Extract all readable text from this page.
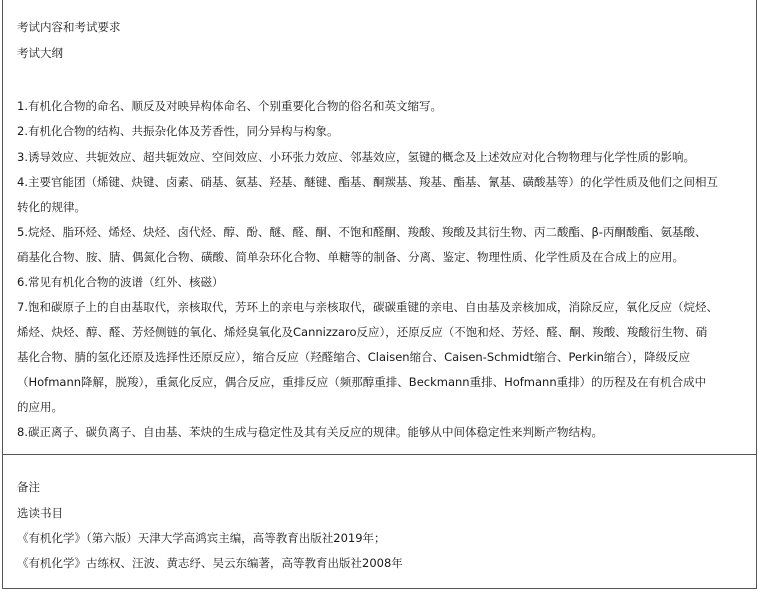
考试内容和考试要求
考试大纲
1.有机化合物的命名、顺反及对映异构体命名、个别重要化合物的俗名和英文缩写。
2.有机化合物的结构、共振杂化体及芳香性，同分异构与构象。
3.诱导效应、共轭效应、超共轭效应、空间效应、小环张力效应、邻基效应，氢键的概念及上述效应对化合物物理与化学性质的影响。
4.主要官能团（烯键、炔键、卤素、硝基、氨基、羟基、醚键、酯基、酮羰基、羧基、酯基、氰基、磺酸基等）的化学性质及他们之间相互
转化的规律。
5.烷烃、脂环烃、烯烃、炔烃、卤代烃、醇、酚、醚、醛、酮、不饱和醛酮、羧酸、羧酸及其衍生物、丙二酸酯、β-丙酮酸酯、氨基酸、
硝基化合物、胺、腈、偶氮化合物、磺酸、简单杂环化合物、单糖等的制备、分离、鉴定、物理性质、化学性质及在合成上的应用。
6.常见有机化合物的波谱（红外、核磁）
7.饱和碳原子上的自由基取代，亲核取代，芳环上的亲电与亲核取代，碳碳重键的亲电、自由基及亲核加成，消除反应，氧化反应（烷烃、
烯烃、炔烃、醇、醛、芳烃侧链的氧化、烯烃臭氧化及Cannizzaro反应），还原反应（不饱和烃、芳烃、醛、酮、羧酸、羧酸衍生物、硝
基化合物、腈的氢化还原及选择性还原反应），缩合反应（羟醛缩合、Claisen缩合、Caisen-Schmidt缩合、Perkin缩合），降级反应
（Hofmann降解，脱羧），重氮化反应，偶合反应，重排反应（频那醇重排、Beckmann重排、Hofmann重排）的历程及在有机合成中
的应用。
8.碳正离子、碳负离子、自由基、苯炔的生成与稳定性及其有关反应的规律。能够从中间体稳定性来判断产物结构。
备注
选读书目
《有机化学》（第六版）天津大学高鸿宾主编，高等教育出版社2019年；
《有机化学》古练权、汪波、黄志纾、吴云东编著，高等教育出版社2008年
